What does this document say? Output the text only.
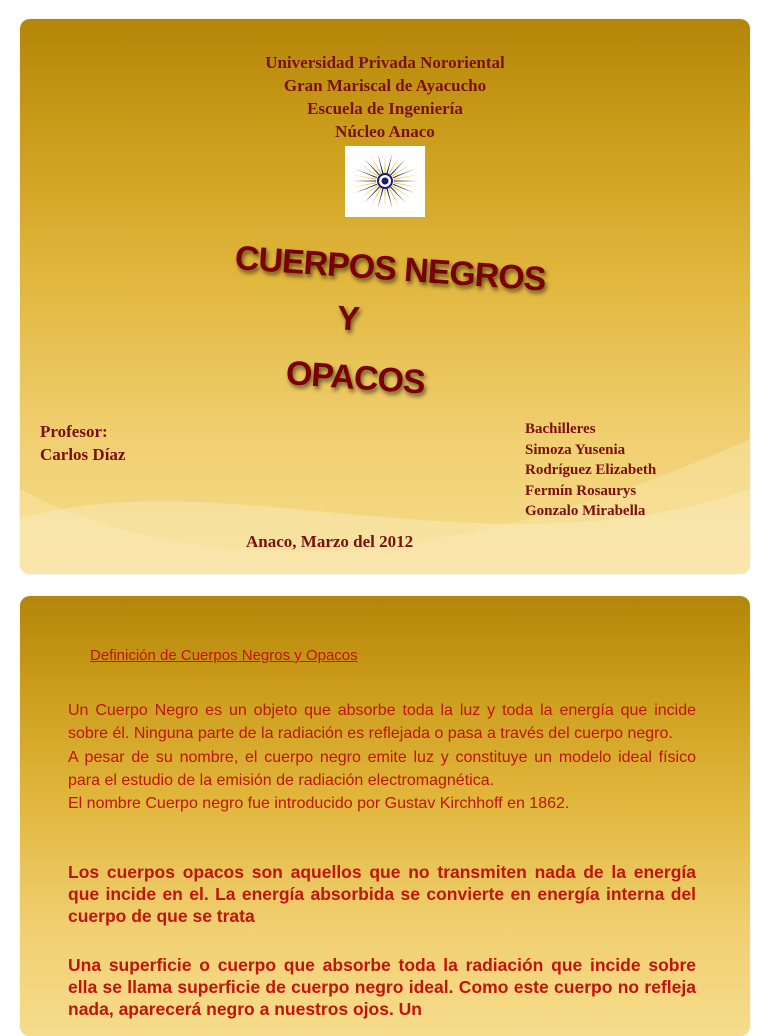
Universidad Privada Nororiental
Gran Mariscal de Ayacucho
Escuela de Ingeniería
Núcleo Anaco
CUERPOS NEGROS
Y
OPACOS
Profesor:
Carlos Díaz
Bachilleres
Simoza Yusenia
Rodríguez Elizabeth
Fermín Rosaurys
Gonzalo Mirabella
Anaco, Marzo del 2012
Definición de Cuerpos Negros y Opacos
Un Cuerpo Negro es un objeto que absorbe toda la luz y toda la energía que incide sobre él. Ninguna parte de la radiación es reflejada o pasa a través del cuerpo negro.
A pesar de su nombre, el cuerpo negro emite luz y constituye un modelo ideal físico para el estudio de la emisión de radiación electromagnética.
El nombre Cuerpo negro fue introducido por Gustav Kirchhoff en 1862.
Los cuerpos opacos son aquellos que no transmiten nada de la energía que incide en el. La energía absorbida se convierte en energía interna del cuerpo de que se trata
Una superficie o cuerpo que absorbe toda la radiación que incide sobre ella se llama superficie de cuerpo negro ideal. Como este cuerpo no refleja nada, aparecerá negro a nuestros ojos. Un
